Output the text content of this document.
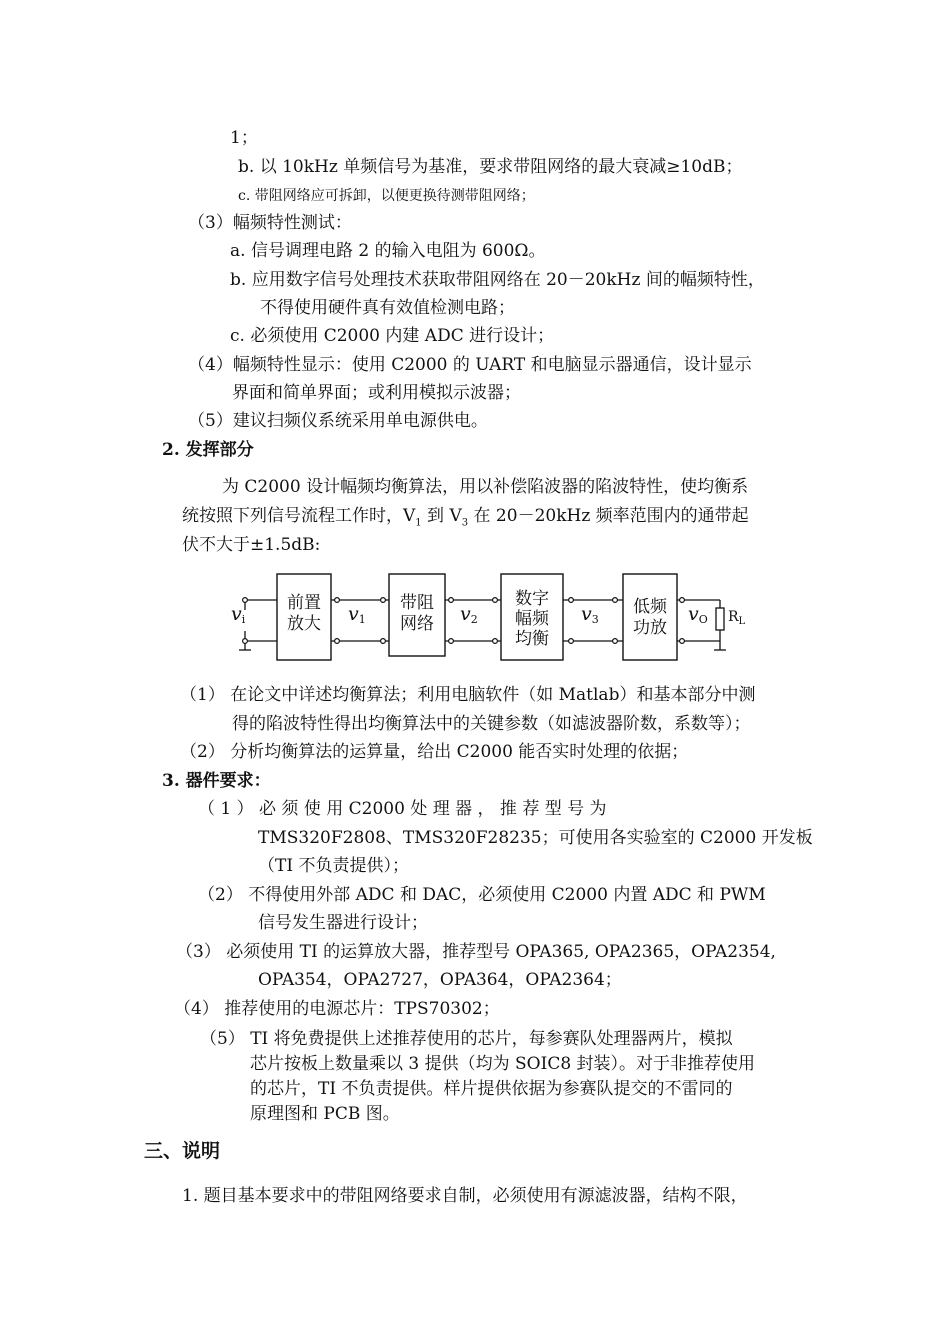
1；
b. 以 10kHz 单频信号为基准，要求带阻网络的最大衰减≥10dB；
c. 带阻网络应可拆卸，以便更换待测带阻网络；
（3）幅频特性测试：
a. 信号调理电路 2 的输入电阻为 600Ω。
b. 应用数字信号处理技术获取带阻网络在 20－20kHz 间的幅频特性，
不得使用硬件真有效值检测电路；
c. 必须使用 C2000 内建 ADC 进行设计；
（4）幅频特性显示：使用 C2000 的 UART 和电脑显示器通信，设计显示
界面和简单界面；或利用模拟示波器；
（5）建议扫频仪系统采用单电源供电。
2. 发挥部分
为 C2000 设计幅频均衡算法，用以补偿陷波器的陷波特性，使均衡系
统按照下列信号流程工作时，$V_1$ 到 $V_3$ 在 20－20kHz 频率范围内的通带起
伏不大于±1.5dB:
前置
放大
带阻
网络
数字
幅频
均衡
低频
功放
vi	v1	v2	v3	vO $R_L$
（1） 在论文中详述均衡算法；利用电脑软件（如 Matlab）和基本部分中测
得的陷波特性得出均衡算法中的关键参数（如滤波器阶数，系数等）；
（2） 分析均衡算法的运算量，给出 C2000 能否实时处理的依据；
3. 器件要求：
（ 1 ） 必 须 使 用 C2000 处 理 器 ， 推 荐 型 号 为
TMS320F2808、TMS320F28235；可使用各实验室的 C2000 开发板
（TI 不负责提供）；
（2） 不得使用外部 ADC 和 DAC，必须使用 C2000 内置 ADC 和 PWM
信号发生器进行设计；
（3） 必须使用 TI 的运算放大器，推荐型号 OPA365, OPA2365，OPA2354,
OPA354，OPA2727，OPA364，OPA2364；
（4） 推荐使用的电源芯片：TPS70302；
（5） TI 将免费提供上述推荐使用的芯片，每参赛队处理器两片，模拟
芯片按板上数量乘以 3 提供（均为 SOIC8 封装）。对于非推荐使用
的芯片，TI 不负责提供。样片提供依据为参赛队提交的不雷同的
原理图和 PCB 图。
三、说明
1. 题目基本要求中的带阻网络要求自制，必须使用有源滤波器，结构不限，
